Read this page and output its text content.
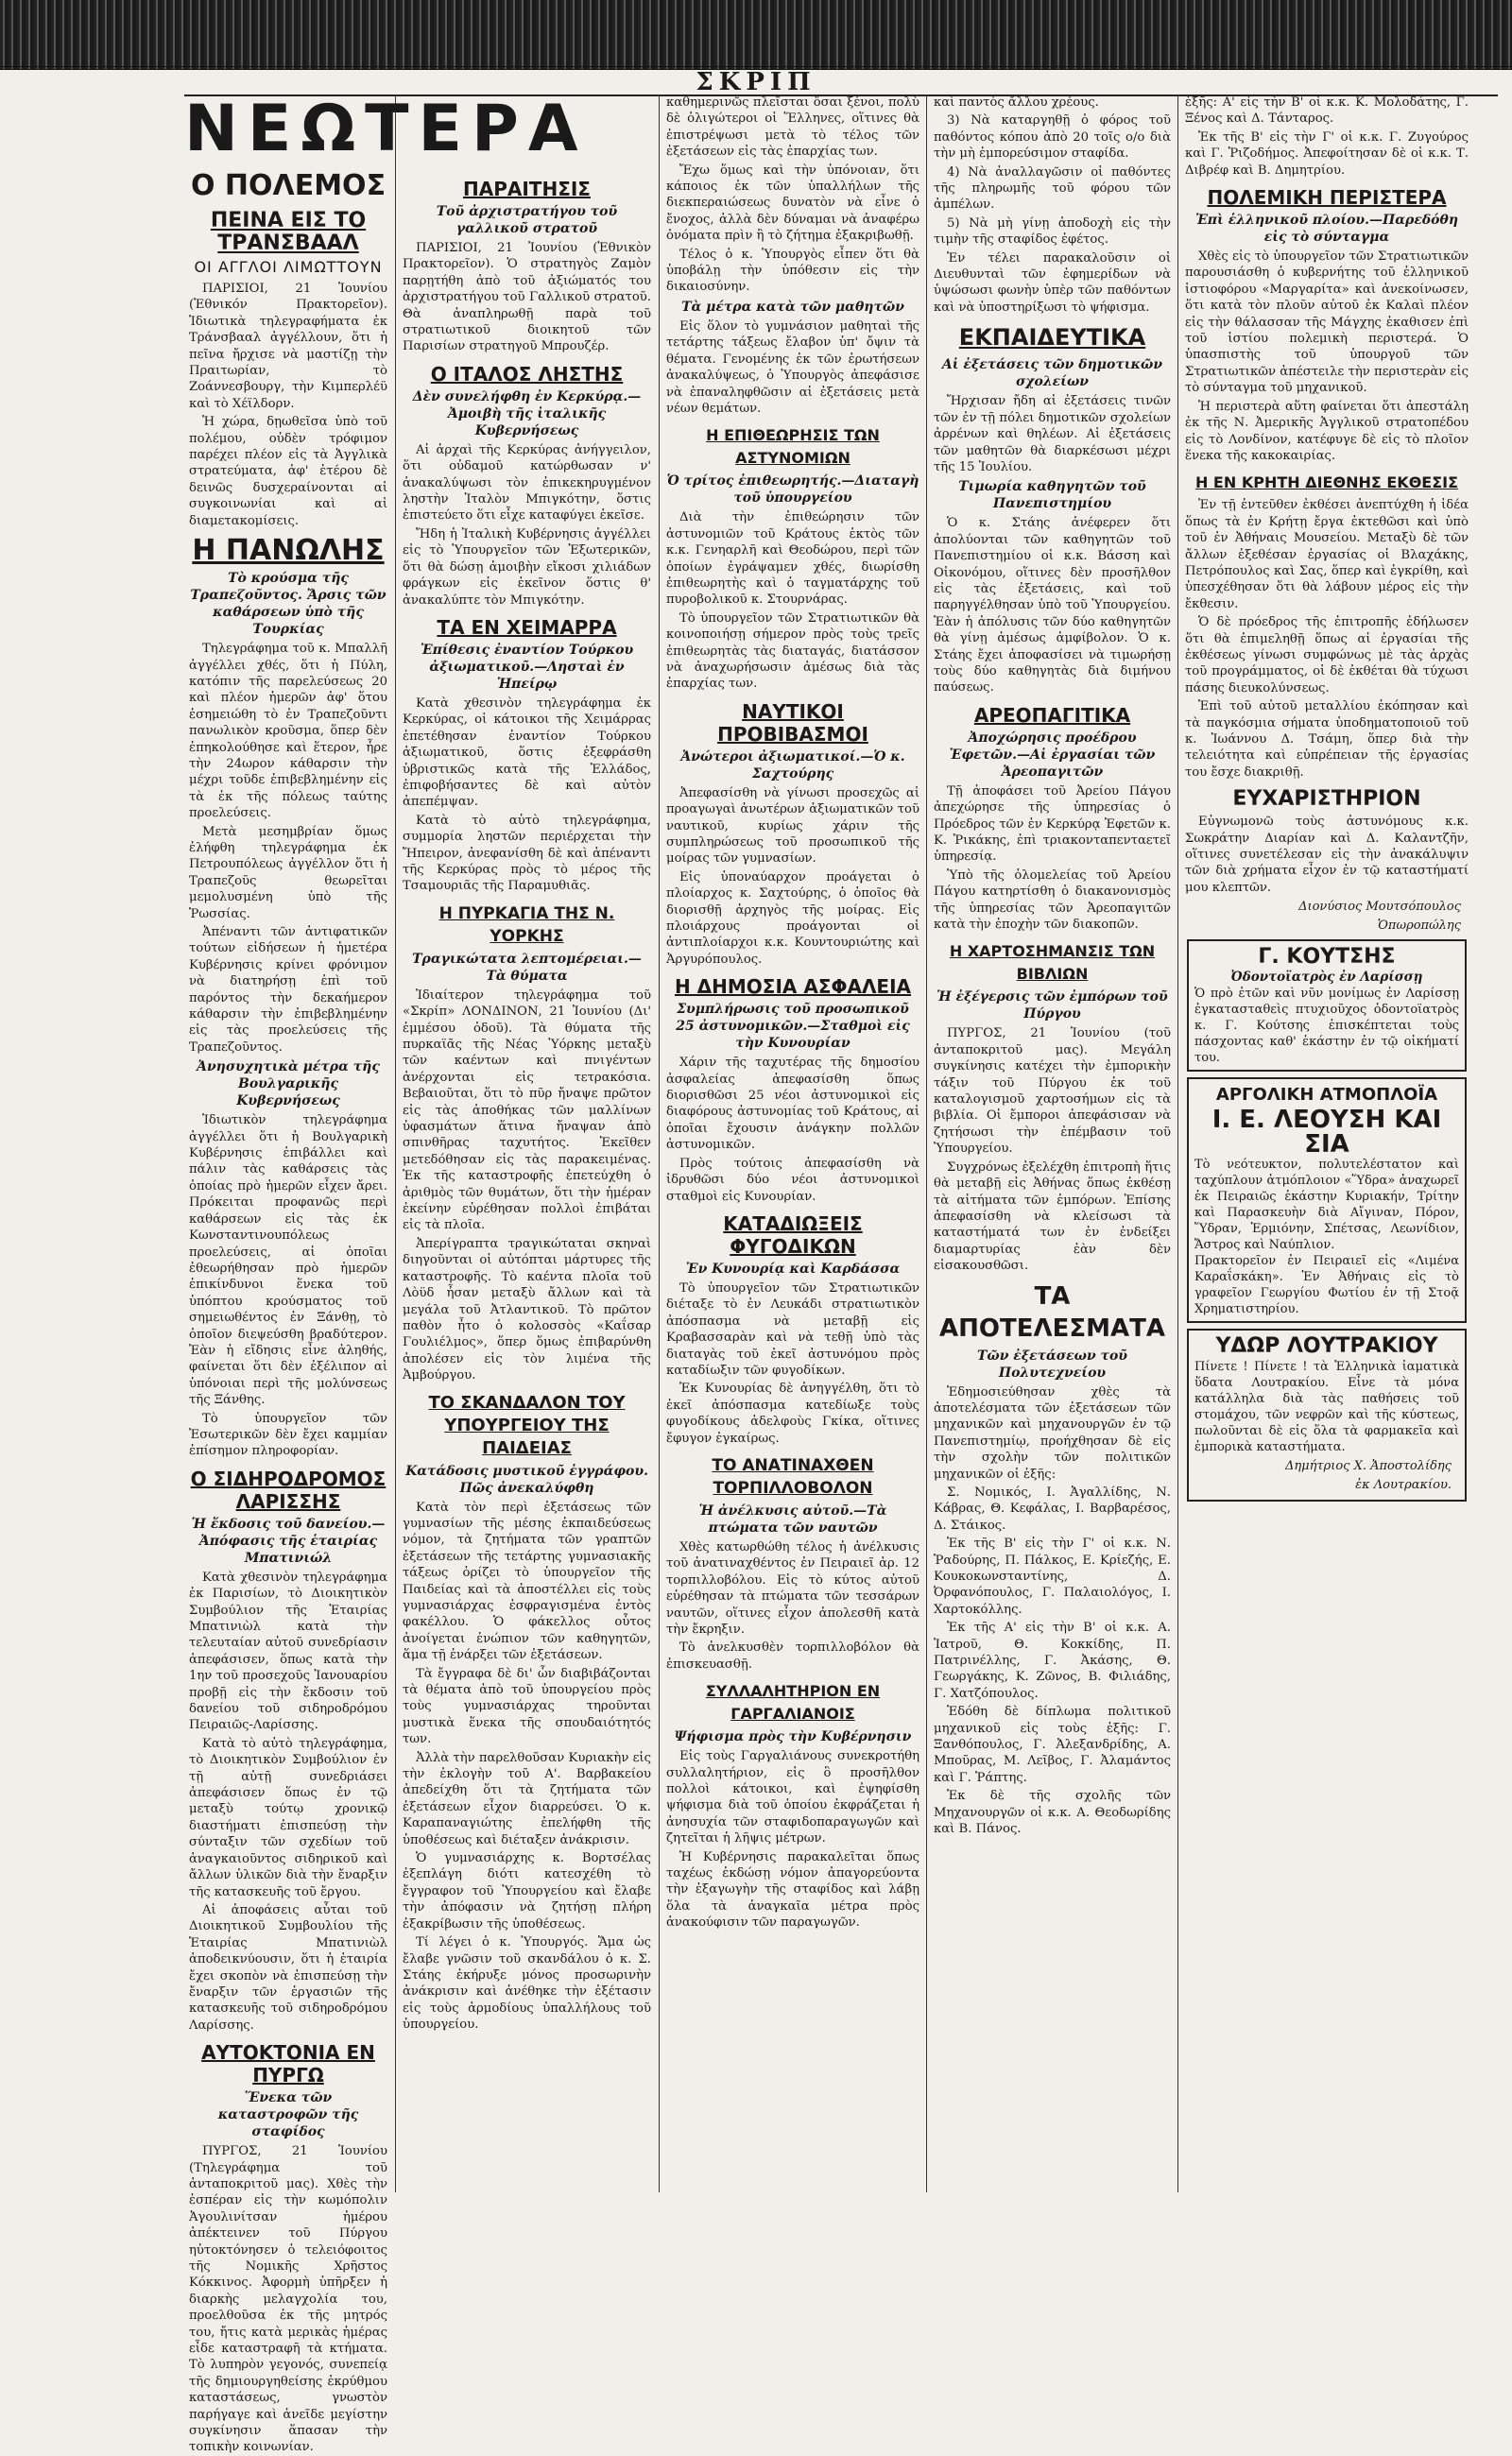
ΣΚΡΙΠ
ΝΕΩΤΕΡΑ
Ο ΠΟΛΕΜΟΣ
ΠΕΙΝΑ ΕΙΣ ΤΟ ΤΡΑΝΣΒΑΑΛ
ΟΙ ΑΓΓΛΟΙ ΛΙΜΩΤΤΟΥΝ

ΠΑΡΙΣΙΟΙ, 21 Ἰουνίου (Ἐθνικόν Πρακτορεῖον). Ἰδιωτικὰ τηλεγραφήματα ἐκ Τράνσβααλ ἀγγέλλουν, ὅτι ἡ πεῖνα ἤρχισε νὰ μαστίζῃ τὴν Πραιτωρίαν, τὸ Ζοάννεσβουργ, τὴν Κιμπερλέϋ καὶ τὸ Χέϊλδορν.

Ἡ χώρα, δῃωθεῖσα ὑπὸ τοῦ πολέμου, οὐδὲν τρόφιμον παρέχει πλέον εἰς τὰ Ἀγγλικὰ στρατεύματα, ἀφ' ἑτέρου δὲ δεινῶς δυσχεραίνονται αἱ συγκοινωνίαι καὶ αἱ διαμετακομίσεις.

Η ΠΑΝΩΛΗΣ
Τὸ κρούσμα τῆς Τραπεζοῦντος. Ἄρσις τῶν καθάρσεων ὑπὸ τῆς Τουρκίας

Τηλεγράφημα τοῦ κ. Μπαλλῆ ἀγγέλλει χθές, ὅτι ἡ Πύλη, κατόπιν τῆς παρελεύσεως 20 καὶ πλέον ἡμερῶν ἀφ' ὅτου ἐσημειώθη τὸ ἐν Τραπεζοῦντι πανωλικὸν κροῦσμα, ὅπερ δὲν ἐπηκολούθησε καὶ ἕτερον, ἦρε τὴν 24ωρον κάθαρσιν τὴν μέχρι τοῦδε ἐπιβεβλημένην εἰς τὰ ἐκ τῆς πόλεως ταύτης προελεύσεις.

Μετὰ μεσημβρίαν ὅμως ἐλήφθη τηλεγράφημα ἐκ Πετρουπόλεως ἀγγέλλον ὅτι ἡ Τραπεζοῦς θεωρεῖται μεμολυσμένη ὑπὸ τῆς Ῥωσσίας.

Ἀπέναντι τῶν ἀντιφατικῶν τούτων εἰδήσεων ἡ ἡμετέρα Κυβέρνησις κρίνει φρόνιμον νὰ διατηρήσῃ ἐπὶ τοῦ παρόντος τὴν δεκαήμερον κάθαρσιν τὴν ἐπιβεβλημένην εἰς τὰς προελεύσεις τῆς Τραπεζοῦντος.

Ἀνησυχητικὰ μέτρα τῆς Βουλγαρικῆς Κυβερνήσεως

Ἰδιωτικὸν τηλεγράφημα ἀγγέλλει ὅτι ἡ Βουλγαρικὴ Κυβέρνησις ἐπιβάλλει καὶ πάλιν τὰς καθάρσεις τὰς ὁποίας πρὸ ἡμερῶν εἶχεν ἄρει. Πρόκειται προφανῶς περὶ καθάρσεων εἰς τὰς ἐκ Κωνσταντινουπόλεως προελεύσεις, αἱ ὁποῖαι ἐθεωρήθησαν πρὸ ἡμερῶν ἐπικίνδυνοι ἕνεκα τοῦ ὑπόπτου κρούσματος τοῦ σημειωθέντος ἐν Ξάνθῃ, τὸ ὁποῖον διεψεύσθη βραδύτερον. Ἐὰν ἡ εἴδησις εἶνε ἀληθής, φαίνεται ὅτι δὲν ἐξέλιπον αἱ ὑπόνοιαι περὶ τῆς μολύνσεως τῆς Ξάνθης.

Τὸ ὑπουργεῖον τῶν Ἐσωτερικῶν δὲν ἔχει καμμίαν ἐπίσημον πληροφορίαν.

Ο ΣΙΔΗΡΟΔΡΟΜΟΣ ΛΑΡΙΣΣΗΣ
Ἡ ἔκδοσις τοῦ δανείου.—Ἀπόφασις τῆς ἑταιρίας Μπατινιώλ

Κατὰ χθεσινὸν τηλεγράφημα ἐκ Παρισίων, τὸ Διοικητικὸν Συμβούλιον τῆς Ἑταιρίας Μπατινιὼλ κατὰ τὴν τελευταίαν αὐτοῦ συνεδρίασιν ἀπεφάσισεν, ὅπως κατὰ τὴν 1ην τοῦ προσεχοῦς Ἰανουαρίου προβῇ εἰς τὴν ἔκδοσιν τοῦ δανείου τοῦ σιδηροδρόμου Πειραιῶς-Λαρίσσης.

Κατὰ τὸ αὐτὸ τηλεγράφημα, τὸ Διοικητικὸν Συμβούλιον ἐν τῇ αὐτῇ συνεδριάσει ἀπεφάσισεν ὅπως ἐν τῷ μεταξὺ τούτῳ χρονικῷ διαστήματι ἐπισπεύσῃ τὴν σύνταξιν τῶν σχεδίων τοῦ ἀναγκαιοῦντος σιδηρικοῦ καὶ ἄλλων ὑλικῶν διὰ τὴν ἔναρξιν τῆς κατασκευῆς τοῦ ἔργου.

Αἱ ἀποφάσεις αὗται τοῦ Διοικητικοῦ Συμβουλίου τῆς Ἑταιρίας Μπατινιὼλ ἀποδεικνύουσιν, ὅτι ἡ ἑταιρία ἔχει σκοπὸν νὰ ἐπισπεύσῃ τὴν ἔναρξιν τῶν ἐργασιῶν τῆς κατασκευῆς τοῦ σιδηροδρόμου Λαρίσσης.

ΑΥΤΟΚΤΟΝΙΑ ΕΝ ΠΥΡΓΩ
Ἕνεκα τῶν καταστροφῶν τῆς σταφίδος

ΠΥΡΓΟΣ, 21 Ἰουνίου (Τηλεγράφημα τοῦ ἀνταποκριτοῦ μας). Χθὲς τὴν ἑσπέραν εἰς τὴν κωμόπολιν Ἀγουλινίτσαν ἡμέρου ἀπέκτεινεν τοῦ Πύργου ηὐτοκτόνησεν ὁ τελειόφοιτος τῆς Νομικῆς Χρῆστος Κόκκινος. Ἀφορμὴ ὑπῆρξεν ἡ διαρκὴς μελαγχολία του, προελθοῦσα ἐκ τῆς μητρός του, ἤτις κατὰ μερικὰς ἡμέρας εἶδε καταστραφῆ τὰ κτήματα. Τὸ λυπηρὸν γεγονός, συνεπείᾳ τῆς δημιουργηθείσης ἐκρύθμου καταστάσεως, γνωστὸν παρήγαγε καὶ ἀνεῖδε μεγίστην συγκίνησιν ἅπασαν τὴν τοπικὴν κοινωνίαν.

ΠΑΡΑΙΤΗΣΙΣ
Τοῦ ἀρχιστρατήγου τοῦ γαλλικοῦ στρατοῦ

ΠΑΡΙΣΙΟΙ, 21 Ἰουνίου (Ἐθνικὸν Πρακτορεῖον). Ὁ στρατηγὸς Ζαμὸν παρῃτήθη ἀπὸ τοῦ ἀξιώματός του ἀρχιστρατήγου τοῦ Γαλλικοῦ στρατοῦ. Θὰ ἀναπληρωθῇ παρὰ τοῦ στρατιωτικοῦ διοικητοῦ τῶν Παρισίων στρατηγοῦ Μπρουζέρ.

Ο ΙΤΑΛΟΣ ΛΗΣΤΗΣ
Δὲν συνελήφθη ἐν Κερκύρᾳ.—Ἀμοιβὴ τῆς ἰταλικῆς Κυβερνήσεως

Αἱ ἀρχαὶ τῆς Κερκύρας ἀνήγγειλον, ὅτι οὐδαμοῦ κατώρθωσαν ν' ἀνακαλύψωσι τὸν ἐπικεκηρυγμένον ληστὴν Ἰταλὸν Μπιγκότην, ὅστις ἐπιστεύετο ὅτι εἶχε καταφύγει ἐκεῖσε.

Ἤδη ἡ Ἰταλικὴ Κυβέρνησις ἀγγέλλει εἰς τὸ Ὑπουργεῖον τῶν Ἐξωτερικῶν, ὅτι θὰ δώσῃ ἀμοιβὴν εἴκοσι χιλιάδων φράγκων εἰς ἐκεῖνον ὅστις θ' ἀνακαλύπτε τὸν Μπιγκότην.

ΤΑ ΕΝ ΧΕΙΜΑΡΡΑ
Ἐπίθεσις ἐναντίον Τούρκου ἀξιωματικοῦ.—Λησταὶ ἐν Ἠπείρῳ

Κατὰ χθεσινὸν τηλεγράφημα ἐκ Κερκύρας, οἱ κάτοικοι τῆς Χειμάρρας ἐπετέθησαν ἐναντίον Τούρκου ἀξιωματικοῦ, ὅστις ἐξεφράσθη ὑβριστικῶς κατὰ τῆς Ἑλλάδος, ἐπιφοβήσαντες δὲ καὶ αὐτὸν ἀπεπέμψαν.

Κατὰ τὸ αὐτὸ τηλεγράφημα, συμμορία ληστῶν περιέρχεται τὴν Ἤπειρον, ἀνεφανίσθη δὲ καὶ ἀπέναντι τῆς Κερκύρας πρὸς τὸ μέρος τῆς Τσαμουριᾶς τῆς Παραμυθιᾶς.

Η ΠΥΡΚΑΓΙΑ ΤΗΣ Ν. ΥΟΡΚΗΣ
Τραγικώτατα λεπτομέρειαι.—Τὰ θύματα

Ἰδιαίτερον τηλεγράφημα τοῦ «Σκρίπ» ΛΟΝΔΙΝΟΝ, 21 Ἰουνίου (Δι' ἐμμέσου ὁδοῦ). Τὰ θύματα τῆς πυρκαϊᾶς τῆς Νέας Ὑόρκης μεταξὺ τῶν καέντων καὶ πνιγέντων ἀνέρχονται εἰς τετρακόσια. Βεβαιοῦται, ὅτι τὸ πῦρ ἤναψε πρῶτον εἰς τὰς ἀποθήκας τῶν μαλλίνων ὑφασμάτων ἅτινα ἤναψαν ἀπὸ σπινθῆρας ταχυτήτος. Ἐκεῖθεν μετεδόθησαν εἰς τὰς παρακειμένας. Ἐκ τῆς καταστροφῆς ἐπετεύχθη ὁ ἀριθμὸς τῶν θυμάτων, ὅτι τὴν ἡμέραν ἐκείνην εὑρέθησαν πολλοὶ ἐπιβάται εἰς τὰ πλοῖα.

Ἀπερίγραπτα τραγικώταται σκηναὶ διηγοῦνται οἱ αὐτόπται μάρτυρες τῆς καταστροφῆς. Τὸ καέντα πλοῖα τοῦ Λὸϋδ ἦσαν μεταξὺ ἄλλων καὶ τὰ μεγάλα τοῦ Ἀτλαντικοῦ. Τὸ πρῶτον παθὸν ἦτο ὁ κολοσσὸς «Καΐσαρ Γουλιέλμος», ὅπερ ὅμως ἐπιβαρύνθη ἀπολέσεν εἰς τὸν λιμένα τῆς Ἀμβούργου.

ΤΟ ΣΚΑΝΔΑΛΟΝ ΤΟΥ ΥΠΟΥΡΓΕΙΟΥ ΤΗΣ ΠΑΙΔΕΙΑΣ
Κατάδοσις μυστικοῦ ἐγγράφου. Πῶς ἀνεκαλύφθη

Κατὰ τὸν περὶ ἐξετάσεως τῶν γυμνασίων τῆς μέσης ἐκπαιδεύσεως νόμον, τὰ ζητήματα τῶν γραπτῶν ἐξετάσεων τῆς τετάρτης γυμνασιακῆς τάξεως ὁρίζει τὸ ὑπουργεῖον τῆς Παιδείας καὶ τὰ ἀποστέλλει εἰς τοὺς γυμνασιάρχας ἐσφραγισμένα ἐντὸς φακέλλου. Ὁ φάκελλος οὗτος ἀνοίγεται ἐνώπιον τῶν καθηγητῶν, ἅμα τῇ ἐνάρξει τῶν ἐξετάσεων.

Τὰ ἔγγραφα δὲ δι' ὧν διαβιβάζονται τὰ θέματα ἀπὸ τοῦ ὑπουργείου πρὸς τοὺς γυμνασιάρχας τηροῦνται μυστικὰ ἕνεκα τῆς σπουδαιότητός των.

Ἀλλὰ τὴν παρελθοῦσαν Κυριακὴν εἰς τὴν ἐκλογὴν τοῦ Α'. Βαρβακείου ἀπεδείχθη ὅτι τὰ ζητήματα τῶν ἐξετάσεων εἶχον διαρρεύσει. Ὁ κ. Καραπαναγιώτης ἐπελήφθη τῆς ὑποθέσεως καὶ διέταξεν ἀνάκρισιν.

Ὁ γυμνασιάρχης κ. Βορτσέλας ἐξεπλάγη διότι κατεσχέθη τὸ ἔγγραφον τοῦ Ὑπουργείου καὶ ἔλαβε τὴν ἀπόφασιν νὰ ζητήσῃ πλήρη ἐξακρίβωσιν τῆς ὑποθέσεως.

Τί λέγει ὁ κ. Ὑπουργός. Ἅμα ὡς ἔλαβε γνῶσιν τοῦ σκανδάλου ὁ κ. Σ. Στάης ἐκήρυξε μόνος προσωρινὴν ἀνάκρισιν καὶ ἀνέθηκε τὴν ἐξέτασιν εἰς τοὺς ἁρμοδίους ὑπαλλήλους τοῦ ὑπουργείου.

καθημερινῶς πλεῖσται ὅσαι ξένοι, πολὺ δὲ ὀλιγώτεροι οἱ Ἕλληνες, οἵτινες θὰ ἐπιστρέψωσι μετὰ τὸ τέλος τῶν ἐξετάσεων εἰς τὰς ἐπαρχίας των.

Ἔχω ὅμως καὶ τὴν ὑπόνοιαν, ὅτι κάποιος ἐκ τῶν ὑπαλλήλων τῆς διεκπεραιώσεως δυνατὸν νὰ εἶνε ὁ ἔνοχος, ἀλλὰ δὲν δύναμαι νὰ ἀναφέρω ὀνόματα πρὶν ἢ τὸ ζήτημα ἐξακριβωθῇ.

Τέλος ὁ κ. Ὑπουργὸς εἶπεν ὅτι θὰ ὑποβάλῃ τὴν ὑπόθεσιν εἰς τὴν δικαιοσύνην.

Τὰ μέτρα κατὰ τῶν μαθητῶν

Εἰς ὅλον τὸ γυμνάσιον μαθηταὶ τῆς τετάρτης τάξεως ἔλαβον ὑπ' ὄψιν τὰ θέματα. Γενομένης ἐκ τῶν ἐρωτήσεων ἀνακαλύψεως, ὁ Ὑπουργὸς ἀπεφάσισε νὰ ἐπαναληφθῶσιν αἱ ἐξετάσεις μετὰ νέων θεμάτων.

Η ΕΠΙΘΕΩΡΗΣΙΣ ΤΩΝ ΑΣΤΥΝΟΜΙΩΝ
Ὁ τρίτος ἐπιθεωρητής.—Διαταγὴ τοῦ ὑπουργείου

Διὰ τὴν ἐπιθεώρησιν τῶν ἀστυνομιῶν τοῦ Κράτους ἐκτὸς τῶν κ.κ. Γενηαρλῆ καὶ Θεοδώρου, περὶ τῶν ὁποίων ἐγράψαμεν χθές, διωρίσθη ἐπιθεωρητὴς καὶ ὁ ταγματάρχης τοῦ πυροβολικοῦ κ. Στουρνάρας.

Τὸ ὑπουργεῖον τῶν Στρατιωτικῶν θὰ κοινοποιήσῃ σήμερον πρὸς τοὺς τρεῖς ἐπιθεωρητὰς τὰς διαταγάς, διατάσσον νὰ ἀναχωρήσωσιν ἀμέσως διὰ τὰς ἐπαρχίας των.

ΝΑΥΤΙΚΟΙ ΠΡΟΒΙΒΑΣΜΟΙ
Ἀνώτεροι ἀξιωματικοί.—Ὁ κ. Σαχτούρης

Ἀπεφασίσθη νὰ γίνωσι προσεχῶς αἱ προαγωγαὶ ἀνωτέρων ἀξιωματικῶν τοῦ ναυτικοῦ, κυρίως χάριν τῆς συμπληρώσεως τοῦ προσωπικοῦ τῆς μοίρας τῶν γυμνασίων.

Εἰς ὑποναύαρχον προάγεται ὁ πλοίαρχος κ. Σαχτούρης, ὁ ὁποῖος θὰ διορισθῇ ἀρχηγὸς τῆς μοίρας. Εἰς πλοιάρχους προάγονται οἱ ἀντιπλοίαρχοι κ.κ. Κουντουριώτης καὶ Ἀργυρόπουλος.

Η ΔΗΜΟΣΙΑ ΑΣΦΑΛΕΙΑ
Συμπλήρωσις τοῦ προσωπικοῦ 25 ἀστυνομικῶν.—Σταθμοὶ εἰς τὴν Κυνουρίαν

Χάριν τῆς ταχυτέρας τῆς δημοσίου ἀσφαλείας ἀπεφασίσθη ὅπως διορισθῶσι 25 νέοι ἀστυνομικοὶ εἰς διαφόρους ἀστυνομίας τοῦ Κράτους, αἱ ὁποῖαι ἔχουσιν ἀνάγκην πολλῶν ἀστυνομικῶν.

Πρὸς τούτοις ἀπεφασίσθη νὰ ἱδρυθῶσι δύο νέοι ἀστυνομικοὶ σταθμοὶ εἰς Κυνουρίαν.

ΚΑΤΑΔΙΩΞΕΙΣ ΦΥΓΟΔΙΚΩΝ
Ἐν Κυνουρίᾳ καὶ Καρδάσσα

Τὸ ὑπουργεῖον τῶν Στρατιωτικῶν διέταξε τὸ ἐν Λευκάδι στρατιωτικὸν ἀπόσπασμα νὰ μεταβῇ εἰς Κραβασσαρὰν καὶ νὰ τεθῇ ὑπὸ τὰς διαταγὰς τοῦ ἐκεῖ ἀστυνόμου πρὸς καταδίωξιν τῶν φυγοδίκων.

Ἐκ Κυνουρίας δὲ ἀνηγγέλθη, ὅτι τὸ ἐκεῖ ἀπόσπασμα κατεδίωξε τοὺς φυγοδίκους ἀδελφοὺς Γκίκα, οἵτινες ἔφυγον ἐγκαίρως.

ΤΟ ΑΝΑΤΙΝΑΧΘΕΝ ΤΟΡΠΙΛΛΟΒΟΛΟΝ
Ἡ ἀνέλκυσις αὐτοῦ.—Τὰ πτώματα τῶν ναυτῶν

Χθὲς κατωρθώθη τέλος ἡ ἀνέλκυσις τοῦ ἀνατιναχθέντος ἐν Πειραιεῖ ἀρ. 12 τορπιλλοβόλου. Εἰς τὸ κύτος αὐτοῦ εὑρέθησαν τὰ πτώματα τῶν τεσσάρων ναυτῶν, οἵτινες εἶχον ἀπολεσθῆ κατὰ τὴν ἔκρηξιν.

Τὸ ἀνελκυσθὲν τορπιλλοβόλον θὰ ἐπισκευασθῇ.

ΣΥΛΛΑΛΗΤΗΡΙΟΝ ΕΝ ΓΑΡΓΑΛΙΑΝΟΙΣ
Ψήφισμα πρὸς τὴν Κυβέρνησιν

Εἰς τοὺς Γαργαλιάνους συνεκροτήθη συλλαλητήριον, εἰς ὃ προσῆλθον πολλοὶ κάτοικοι, καὶ ἐψηφίσθη ψήφισμα διὰ τοῦ ὁποίου ἐκφράζεται ἡ ἀνησυχία τῶν σταφιδοπαραγωγῶν καὶ ζητεῖται ἡ λῆψις μέτρων.

Ἡ Κυβέρνησις παρακαλεῖται ὅπως ταχέως ἐκδώσῃ νόμον ἀπαγορεύοντα τὴν ἐξαγωγὴν τῆς σταφίδος καὶ λάβῃ ὅλα τὰ ἀναγκαῖα μέτρα πρὸς ἀνακούφισιν τῶν παραγωγῶν.

καὶ παντὸς ἄλλου χρέους.

3) Νὰ καταργηθῇ ὁ φόρος τοῦ παθόντος κόπου ἀπὸ 20 τοῖς ο/ο διὰ τὴν μὴ ἐμπορεύσιμον σταφίδα.

4) Νὰ ἀναλλαγῶσιν οἱ παθόντες τῆς πληρωμῆς τοῦ φόρου τῶν ἀμπέλων.

5) Νὰ μὴ γίνῃ ἀποδοχὴ εἰς τὴν τιμὴν τῆς σταφίδος ἐφέτος.

Ἐν τέλει παρακαλοῦσιν οἱ Διευθυνταὶ τῶν ἐφημερίδων νὰ ὑψώσωσι φωνὴν ὑπὲρ τῶν παθόντων καὶ νὰ ὑποστηρίξωσι τὸ ψήφισμα.

ΕΚΠΑΙΔΕΥΤΙΚΑ
Αἱ ἐξετάσεις τῶν δημοτικῶν σχολείων

Ἤρχισαν ἤδη αἱ ἐξετάσεις τινῶν τῶν ἐν τῇ πόλει δημοτικῶν σχολείων ἀρρένων καὶ θηλέων. Αἱ ἐξετάσεις τῶν μαθητῶν θὰ διαρκέσωσι μέχρι τῆς 15 Ἰουλίου.

Τιμωρία καθηγητῶν τοῦ Πανεπιστημίου

Ὁ κ. Στάης ἀνέφερεν ὅτι ἀπολύονται τῶν καθηγητῶν τοῦ Πανεπιστημίου οἱ κ.κ. Βάσση καὶ Οἰκονόμου, οἵτινες δὲν προσῆλθον εἰς τὰς ἐξετάσεις, καὶ τοῦ παρηγγέλθησαν ὑπὸ τοῦ Ὑπουργείου. Ἐὰν ἡ ἀπόλυσις τῶν δύο καθηγητῶν θὰ γίνῃ ἀμέσως ἀμφίβολον. Ὁ κ. Στάης ἔχει ἀποφασίσει νὰ τιμωρήσῃ τοὺς δύο καθηγητὰς διὰ διμήνου παύσεως.

ΑΡΕΟΠΑΓΙΤΙΚΑ
Ἀποχώρησις προέδρου Ἐφετῶν.—Αἱ ἐργασίαι τῶν Ἀρεοπαγιτῶν

Τῇ ἀποφάσει τοῦ Ἀρείου Πάγου ἀπεχώρησε τῆς ὑπηρεσίας ὁ Πρόεδρος τῶν ἐν Κερκύρᾳ Ἐφετῶν κ. Κ. Ῥικάκης, ἐπὶ τριακονταπενταετεῖ ὑπηρεσίᾳ.

Ὑπὸ τῆς ὁλομελείας τοῦ Ἀρείου Πάγου κατηρτίσθη ὁ διακανονισμὸς τῆς ὑπηρεσίας τῶν Ἀρεοπαγιτῶν κατὰ τὴν ἐποχὴν τῶν διακοπῶν.

Η ΧΑΡΤΟΣΗΜΑΝΣΙΣ ΤΩΝ ΒΙΒΛΙΩΝ
Ἡ ἐξέγερσις τῶν ἐμπόρων τοῦ Πύργου

ΠΥΡΓΟΣ, 21 Ἰουνίου (τοῦ ἀνταποκριτοῦ μας). Μεγάλη συγκίνησις κατέχει τὴν ἐμπορικὴν τάξιν τοῦ Πύργου ἐκ τοῦ καταλογισμοῦ χαρτοσήμων εἰς τὰ βιβλία. Οἱ ἔμποροι ἀπεφάσισαν νὰ ζητήσωσι τὴν ἐπέμβασιν τοῦ Ὑπουργείου.

Συγχρόνως ἐξελέχθη ἐπιτροπὴ ἥτις θὰ μεταβῇ εἰς Ἀθήνας ὅπως ἐκθέσῃ τὰ αἰτήματα τῶν ἐμπόρων. Ἐπίσης ἀπεφασίσθη νὰ κλείσωσι τὰ καταστήματά των ἐν ἐνδείξει διαμαρτυρίας ἐὰν δὲν εἰσακουσθῶσι.

ΤΑ ΑΠΟΤΕΛΕΣΜΑΤΑ
Τῶν ἐξετάσεων τοῦ Πολυτεχνείου

Ἐδημοσιεύθησαν χθὲς τὰ ἀποτελέσματα τῶν ἐξετάσεων τῶν μηχανικῶν καὶ μηχανουργῶν ἐν τῷ Πανεπιστημίῳ, προήχθησαν δὲ εἰς τὴν σχολὴν τῶν πολιτικῶν μηχανικῶν οἱ ἑξῆς:

Σ. Νομικός, Ι. Ἀγαλλίδης, Ν. Κάβρας, Θ. Κεφάλας, Ι. Βαρβαρέσος, Δ. Στάικος.

Ἐκ τῆς Β' εἰς τὴν Γ' οἱ κ.κ. Ν. Ῥαδούρης, Π. Πάλκος, Ε. Κρίεζής, Ε. Κουκοκωνσταντίνης, Δ. Ὀρφανόπουλος, Γ. Παλαιολόγος, Ι. Χαρτοκόλλης.

Ἐκ τῆς Α' εἰς τὴν Β' οἱ κ.κ. Α. Ἰατροῦ, Θ. Κοκκίδης, Π. Πατρινέλλης, Γ. Ἀκάσης, Θ. Γεωργάκης, Κ. Ζῶνος, Β. Φιλιάδης, Γ. Χατζόπουλος.

Ἐδόθη δὲ δίπλωμα πολιτικοῦ μηχανικοῦ εἰς τοὺς ἑξῆς: Γ. Ξανθόπουλος, Γ. Ἀλεξανδρίδης, Α. Μποῦρας, Μ. Λεῖβος, Γ. Ἀλαμάντος καὶ Γ. Ῥάπτης.

Ἐκ δὲ τῆς σχολῆς τῶν Μηχανουργῶν οἱ κ.κ. Α. Θεοδωρίδης καὶ Β. Πάνος.

ἑξῆς: Α' εἰς τὴν Β' οἱ κ.κ. Κ. Μολοδάτης, Γ. Ξένος καὶ Δ. Τάνταρος.

Ἐκ τῆς Β' εἰς τὴν Γ' οἱ κ.κ. Γ. Ζυγούρος καὶ Γ. Ῥιζοδήμος. Ἀπεφοίτησαν δὲ οἱ κ.κ. Τ. Διβρέφ καὶ Β. Δημητρίου.

ΠΟΛΕΜΙΚΗ ΠΕΡΙΣΤΕΡΑ
Ἐπὶ ἑλληνικοῦ πλοίου.—Παρεδόθη εἰς τὸ σύνταγμα

Χθὲς εἰς τὸ ὑπουργεῖον τῶν Στρατιωτικῶν παρουσιάσθη ὁ κυβερνήτης τοῦ ἑλληνικοῦ ἱστιοφόρου «Μαργαρίτα» καὶ ἀνεκοίνωσεν, ὅτι κατὰ τὸν πλοῦν αὐτοῦ ἐκ Καλαὶ πλέον εἰς τὴν θάλασσαν τῆς Μάγχης ἐκαθισεν ἐπὶ τοῦ ἱστίου πολεμικὴ περιστερά. Ὁ ὑπασπιστὴς τοῦ ὑπουργοῦ τῶν Στρατιωτικῶν ἀπέστειλε τὴν περιστερὰν εἰς τὸ σύνταγμα τοῦ μηχανικοῦ.

Ἡ περιστερὰ αὕτη φαίνεται ὅτι ἀπεστάλη ἐκ τῆς Ν. Ἀμερικῆς Ἀγγλικοῦ στρατοπέδου εἰς τὸ Λονδίνον, κατέφυγε δὲ εἰς τὸ πλοῖον ἕνεκα τῆς κακοκαιρίας.

Η ΕΝ ΚΡΗΤΗ ΔΙΕΘΝΗΣ ΕΚΘΕΣΙΣ

Ἐν τῇ ἐντεῦθεν ἐκθέσει ἀνεπτύχθη ἡ ἰδέα ὅπως τὰ ἐν Κρήτῃ ἔργα ἐκτεθῶσι καὶ ὑπὸ τοῦ ἐν Ἀθήναις Μουσείου. Μεταξὺ δὲ τῶν ἄλλων ἐξεθέσαν ἐργασίας οἱ Βλαχάκης, Πετρόπουλος καὶ Σας, ὅπερ καὶ ἐγκρίθη, καὶ ὑπεσχέθησαν ὅτι θὰ λάβουν μέρος εἰς τὴν ἔκθεσιν.

Ὁ δὲ πρόεδρος τῆς ἐπιτροπῆς ἐδήλωσεν ὅτι θὰ ἐπιμεληθῇ ὅπως αἱ ἐργασίαι τῆς ἐκθέσεως γίνωσι συμφώνως μὲ τὰς ἀρχὰς τοῦ προγράμματος, οἱ δὲ ἐκθέται θὰ τύχωσι πάσης διευκολύνσεως.

Ἐπὶ τοῦ αὐτοῦ μεταλλίου ἐκόπησαν καὶ τὰ παγκόσμια σήματα ὑποδηματοποιοῦ τοῦ κ. Ἰωάννου Δ. Τσάμη, ὅπερ διὰ τὴν τελειότητα καὶ εὐπρέπειαν τῆς ἐργασίας του ἔσχε διακριθῇ.

ΕΥΧΑΡΙΣΤΗΡΙΟΝ

Εὐγνωμονῶ τοὺς ἀστυνόμους κ.κ. Σωκράτην Διαρίαν καὶ Δ. Καλαντζῆν, οἵτινες συνετέλεσαν εἰς τὴν ἀνακάλυψιν τῶν διὰ χρήματα εἶχον ἐν τῷ καταστήματί μου κλεπτῶν.

Διονύσιος Μουτσόπουλος
Ὁπωροπώλης
Γ. ΚΟΥΤΣΗΣ
Ὀδοντοϊατρὸς ἐν Λαρίσσῃ
Ὁ πρὸ ἐτῶν καὶ νῦν μονίμως ἐν Λαρίσσῃ ἐγκατασταθεὶς πτυχιοῦχος ὀδοντοϊατρὸς κ. Γ. Κούτσης ἐπισκέπτεται τοὺς πάσχοντας καθ' ἑκάστην ἐν τῷ οἰκήματί του.
ΑΡΓΟΛΙΚΗ ΑΤΜΟΠΛΟΪΑ
Ι. Ε. ΛΕΟΥΣΗ ΚΑΙ ΣΙΑ
Τὸ νεότευκτον, πολυτελέστατον καὶ ταχύπλουν ἀτμόπλοιον «Ὕδρα» ἀναχωρεῖ ἐκ Πειραιῶς ἑκάστην Κυριακήν, Τρίτην καὶ Παρασκευὴν διὰ Αἴγιναν, Πόρον, Ὕδραν, Ἑρμιόνην, Σπέτσας, Λεωνίδιον, Ἄστρος καὶ Ναύπλιον.
Πρακτορεῖον ἐν Πειραιεῖ εἰς «Λιμένα Καραΐσκάκη». Ἐν Ἀθήναις εἰς τὸ γραφεῖον Γεωργίου Φωτίου ἐν τῇ Στοᾷ Χρηματιστηρίου.
ΥΔΩΡ ΛΟΥΤΡΑΚΙΟΥ
Πίνετε ! Πίνετε ! τὰ Ἑλληνικὰ ἰαματικὰ ὕδατα Λουτρακίου. Εἶνε τὰ μόνα κατάλληλα διὰ τὰς παθήσεις τοῦ στομάχου, τῶν νεφρῶν καὶ τῆς κύστεως, πωλοῦνται δὲ εἰς ὅλα τὰ φαρμακεῖα καὶ ἐμπορικὰ καταστήματα.
Δημήτριος Χ. Ἀποστολίδης
ἐκ Λουτρακίου.
